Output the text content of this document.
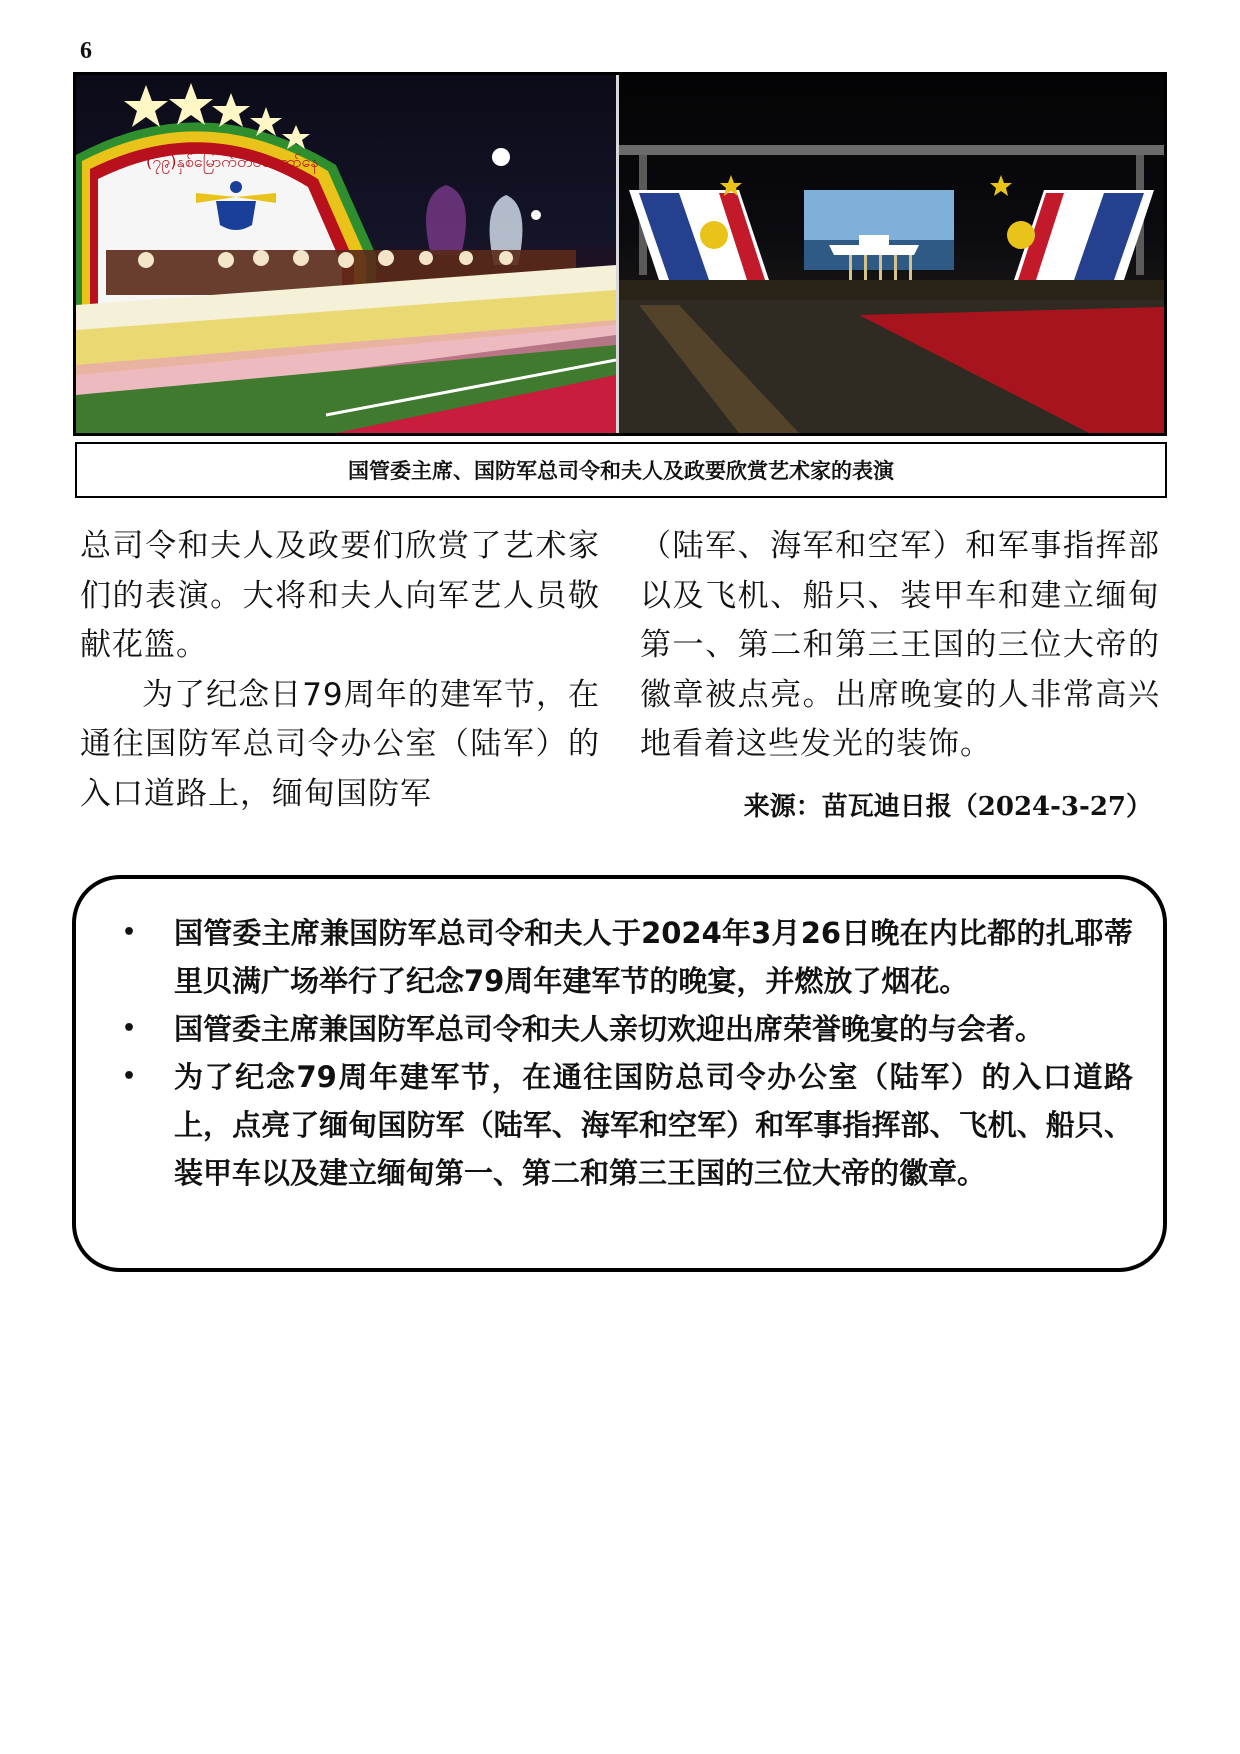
6
(၇၉)နှစ်မြောက်တပ်မတော်နေ
国管委主席、国防军总司令和夫人及政要欣赏艺术家的表演

总司令和夫人及政要们欣赏了艺术家们的表演。大将和夫人向军艺人员敬献花篮。

为了纪念日79周年的建军节，在通往国防军总司令办公室（陆军）的入口道路上，缅甸国防军

（陆军、海军和空军）和军事指挥部以及飞机、船只、装甲车和建立缅甸第一、第二和第三王国的三位大帝的徽章被点亮。出席晚宴的人非常高兴地看着这些发光的装饰。

来源：苗瓦迪日报（2024-3-27）
• 国管委主席兼国防军总司令和夫人于2024年3月26日晚在内比都的扎耶蒂里贝满广场举行了纪念79周年建军节的晚宴，并燃放了烟花。
• 国管委主席兼国防军总司令和夫人亲切欢迎出席荣誉晚宴的与会者。
• 为了纪念79周年建军节，在通往国防总司令办公室（陆军）的入口道路上，点亮了缅甸国防军（陆军、海军和空军）和军事指挥部、飞机、船只、装甲车以及建立缅甸第一、第二和第三王国的三位大帝的徽章。
